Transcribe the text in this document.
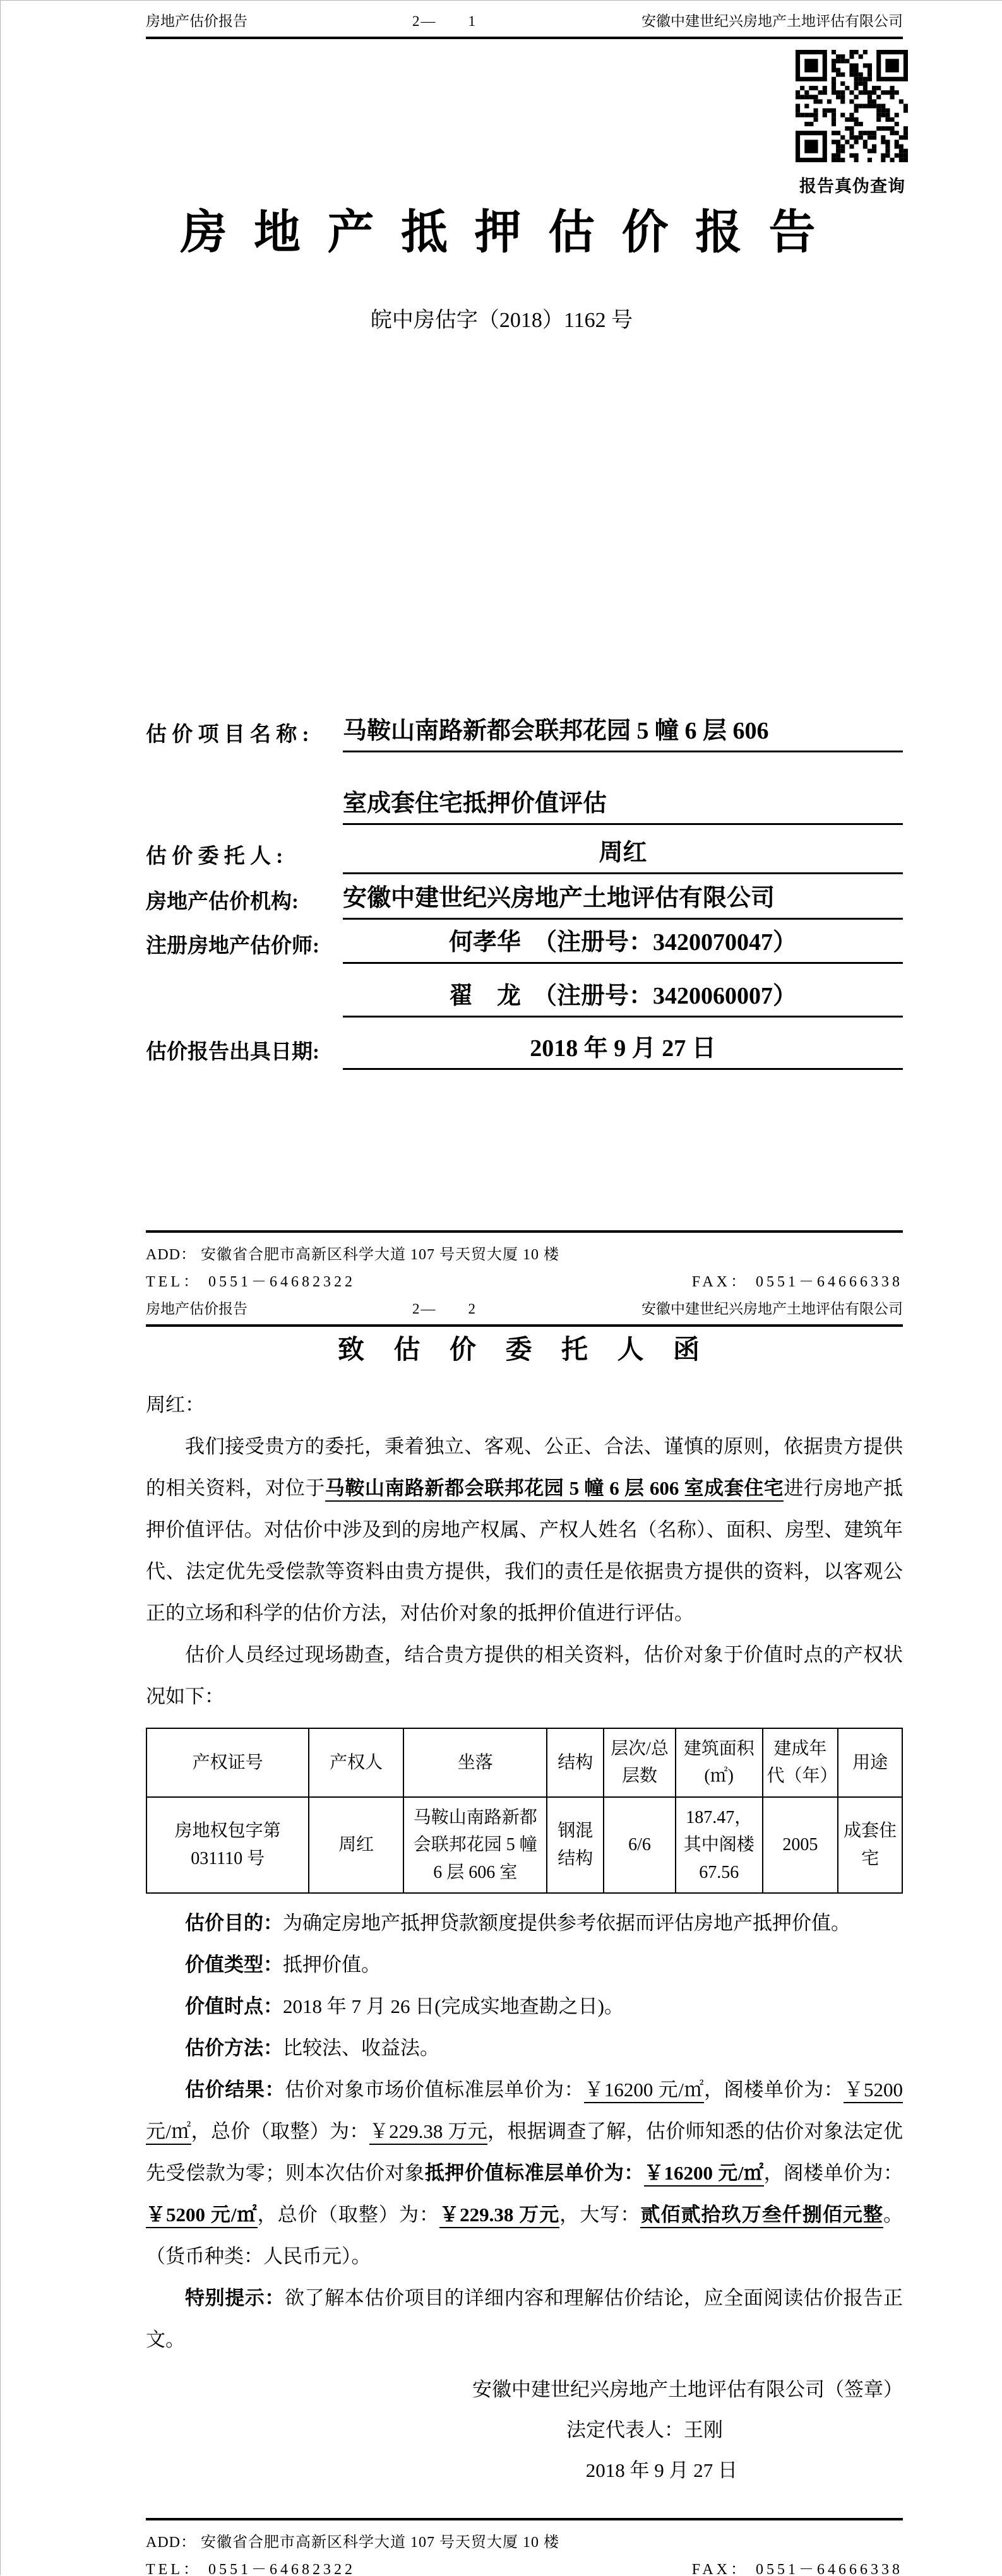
房地产估价报告	2—　　1	安徽中建世纪兴房地产土地评估有限公司
报告真伪查询
房 地 产 抵 押 估 价 报 告
皖中房估字（2018）1162 号
估 价 项 目 名 称 :	马鞍山南路新都会联邦花园 5 幢 6 层 606
室成套住宅抵押价值评估
估 价 委 托 人 :	周红
房地产估价机构:	安徽中建世纪兴房地产土地评估有限公司
注册房地产估价师:	何孝华　（注册号：3420070047）
翟　龙　（注册号：3420060007）
估价报告出具日期:	2018 年 9 月 27 日
ADD： 安徽省合肥市高新区科学大道 107 号天贸大厦 10 楼
TEL： 0551－64682322	FAX： 0551－64666338
房地产估价报告	2—　　2	安徽中建世纪兴房地产土地评估有限公司
致 估 价 委 托 人 函

周红：

我们接受贵方的委托，秉着独立、客观、公正、合法、谨慎的原则，依据贵方提供的相关资料，对位于马鞍山南路新都会联邦花园 5 幢 6 层 606 室成套住宅进行房地产抵押价值评估。对估价中涉及到的房地产权属、产权人姓名（名称）、面积、房型、建筑年代、法定优先受偿款等资料由贵方提供，我们的责任是依据贵方提供的资料，以客观公正的立场和科学的估价方法，对估价对象的抵押价值进行评估。

估价人员经过现场勘查，结合贵方提供的相关资料，估价对象于价值时点的产权状况如下：

产权证号	产权人	坐落	结构	层次/总层数	建筑面积(㎡)	建成年代（年）	用途
房地权包字第 031110 号	周红	马鞍山南路新都会联邦花园 5 幢 6 层 606 室	钢混结构	6/6	187.47，其中阁楼 67.56	2005	成套住宅

估价目的：为确定房地产抵押贷款额度提供参考依据而评估房地产抵押价值。

价值类型：抵押价值。

价值时点：2018 年 7 月 26 日(完成实地查勘之日)。

估价方法：比较法、收益法。

估价结果：估价对象市场价值标准层单价为：￥16200 元/㎡，阁楼单价为：￥5200 元/㎡，总价（取整）为：￥229.38 万元，根据调查了解，估价师知悉的估价对象法定优先受偿款为零；则本次估价对象抵押价值标准层单价为：￥16200 元/㎡，阁楼单价为：￥5200 元/㎡，总价（取整）为：￥229.38 万元，大写：贰佰贰拾玖万叁仟捌佰元整。（货币种类：人民币元）。

特别提示：欲了解本估价项目的详细内容和理解估价结论，应全面阅读估价报告正文。

安徽中建世纪兴房地产土地评估有限公司（签章）
法定代表人：王刚
2018 年 9 月 27 日
ADD： 安徽省合肥市高新区科学大道 107 号天贸大厦 10 楼
TEL： 0551－64682322	FAX： 0551－64666338
